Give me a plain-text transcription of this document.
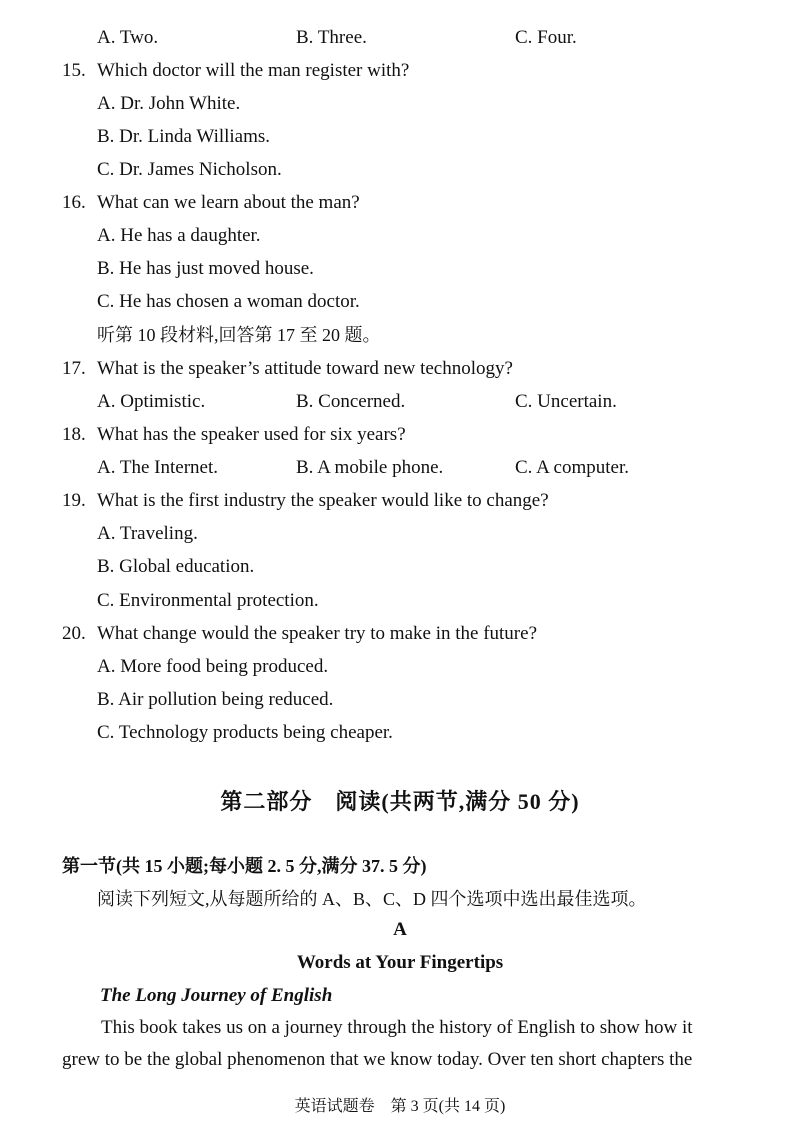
A. Two.	B. Three.	C. Four.
15. Which doctor will the man register with?
A. Dr. John White.
B. Dr. Linda Williams.
C. Dr. James Nicholson.
16. What can we learn about the man?
A. He has a daughter.
B. He has just moved house.
C. He has chosen a woman doctor.
听第 10 段材料,回答第 17 至 20 题。
17. What is the speaker’s attitude toward new technology?
A. Optimistic.	B. Concerned.	C. Uncertain.
18. What has the speaker used for six years?
A. The Internet.	B. A mobile phone.	C. A computer.
19. What is the first industry the speaker would like to change?
A. Traveling.
B. Global education.
C. Environmental protection.
20. What change would the speaker try to make in the future?
A. More food being produced.
B. Air pollution being reduced.
C. Technology products being cheaper.
第二部分　阅读(共两节,满分 50 分)
第一节(共 15 小题;每小题 2. 5 分,满分 37. 5 分)
阅读下列短文,从每题所给的 A、B、C、D 四个选项中选出最佳选项。
A
Words at Your Fingertips
The Long Journey of English
This book takes us on a journey through the history of English to show how it
grew to be the global phenomenon that we know today. Over ten short chapters the
英语试题卷　第 3 页(共 14 页)
